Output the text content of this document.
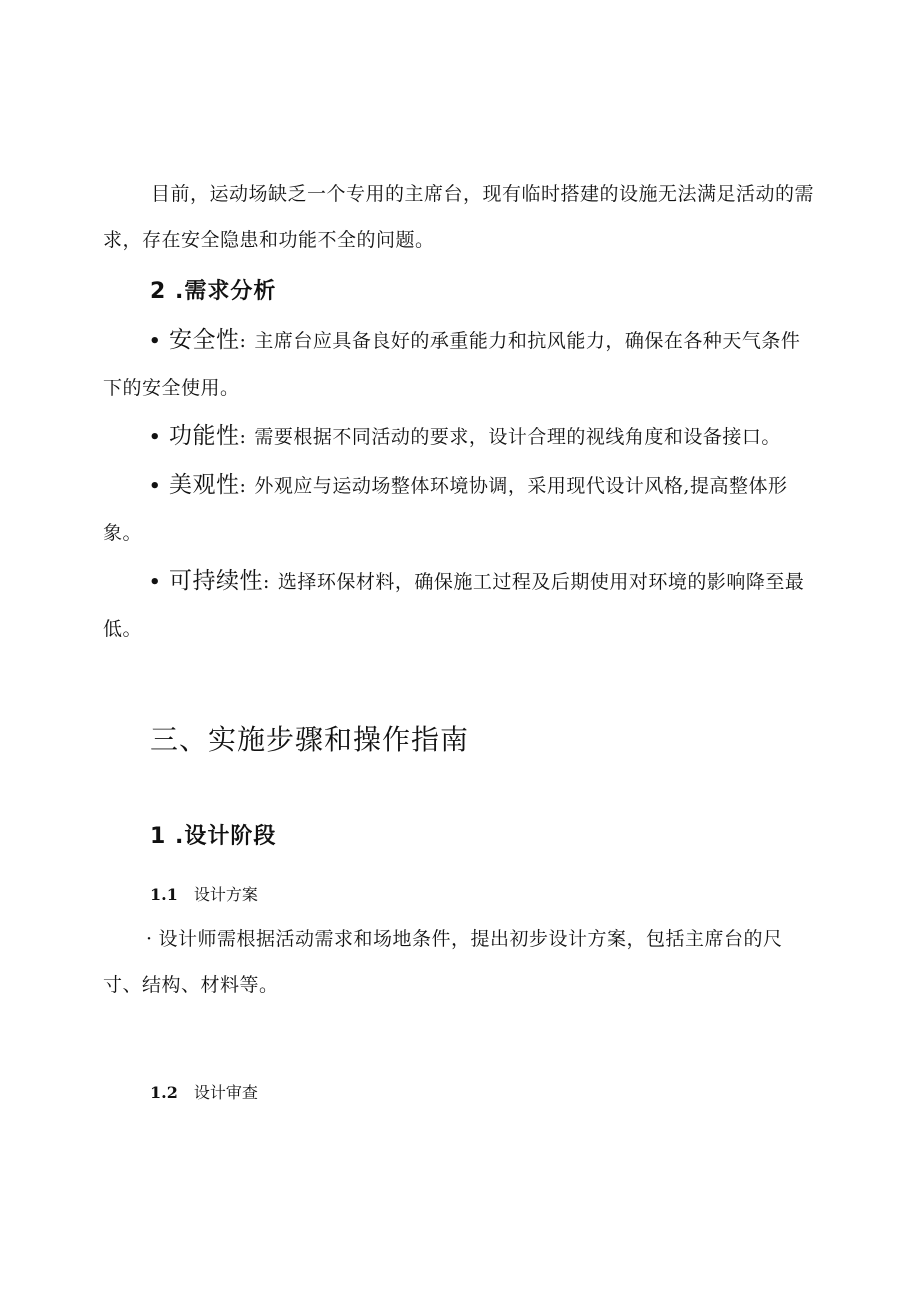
目前，运动场缺乏一个专用的主席台，现有临时搭建的设施无法满足活动的需求，存在安全隐患和功能不全的问题。
2 .需求分析
• 安全性: 主席台应具备良好的承重能力和抗风能力，确保在各种天气条件下的安全使用。
• 功能性: 需要根据不同活动的要求，设计合理的视线角度和设备接口。
• 美观性: 外观应与运动场整体环境协调，采用现代设计风格,提高整体形象。
• 可持续性: 选择环保材料，确保施工过程及后期使用对环境的影响降至最低。
三、实施步骤和操作指南
1 .设计阶段
1.1 设计方案
· 设计师需根据活动需求和场地条件，提出初步设计方案，包括主席台的尺寸、结构、材料等。
1.2 设计审查
